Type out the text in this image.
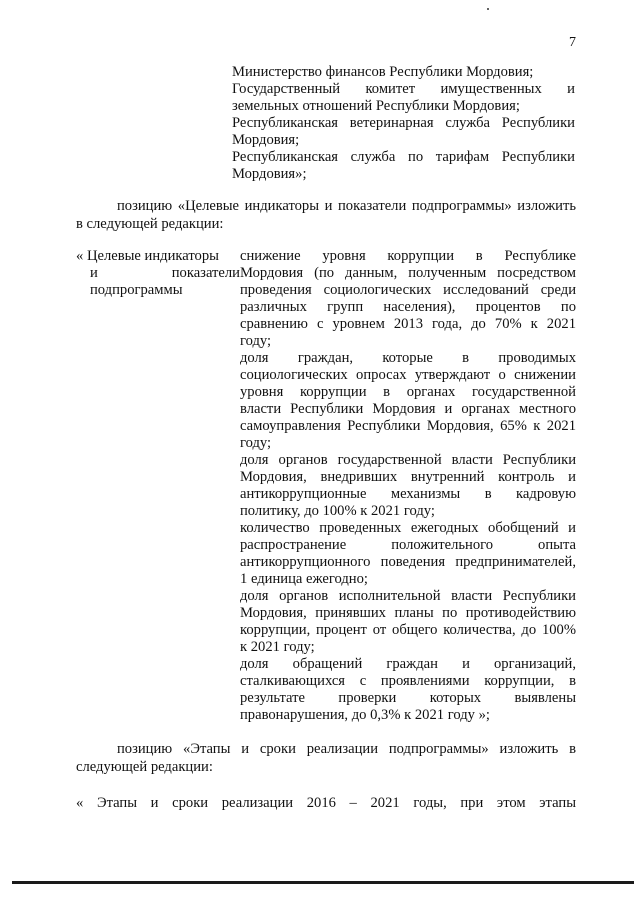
7
Министерство финансов Республики Мордовия;
Государственный комитет имущественных и
земельных отношений Республики Мордовия;
Республиканская ветеринарная служба Республики
Мордовия;
Республиканская служба по тарифам Республики
Мордовия»;
позицию «Целевые индикаторы и показатели подпрограммы» изложить
в следующей редакции:
« Целевые индикаторы
и показатели
подпрограммы
снижение уровня коррупции в Республике
Мордовия (по данным, полученным посредством
проведения социологических исследований среди
различных групп населения), процентов по
сравнению с уровнем 2013 года, до 70% к 2021
году;
доля граждан, которые в проводимых
социологических опросах утверждают о снижении
уровня коррупции в органах государственной
власти Республики Мордовия и органах местного
самоуправления Республики Мордовия, 65% к 2021
году;
доля органов государственной власти Республики
Мордовия, внедривших внутренний контроль и
антикоррупционные механизмы в кадровую
политику, до 100% к 2021 году;
количество проведенных ежегодных обобщений и
распространение положительного опыта
антикоррупционного поведения предпринимателей,
1 единица ежегодно;
доля органов исполнительной власти Республики
Мордовия, принявших планы по противодействию
коррупции, процент от общего количества, до 100%
к 2021 году;
доля обращений граждан и организаций,
сталкивающихся с проявлениями коррупции, в
результате проверки которых выявлены
правонарушения, до 0,3% к 2021 году »;
позицию «Этапы и сроки реализации подпрограммы» изложить в
следующей редакции:
« Этапы и сроки реализации 2016 – 2021 годы, при этом этапы
